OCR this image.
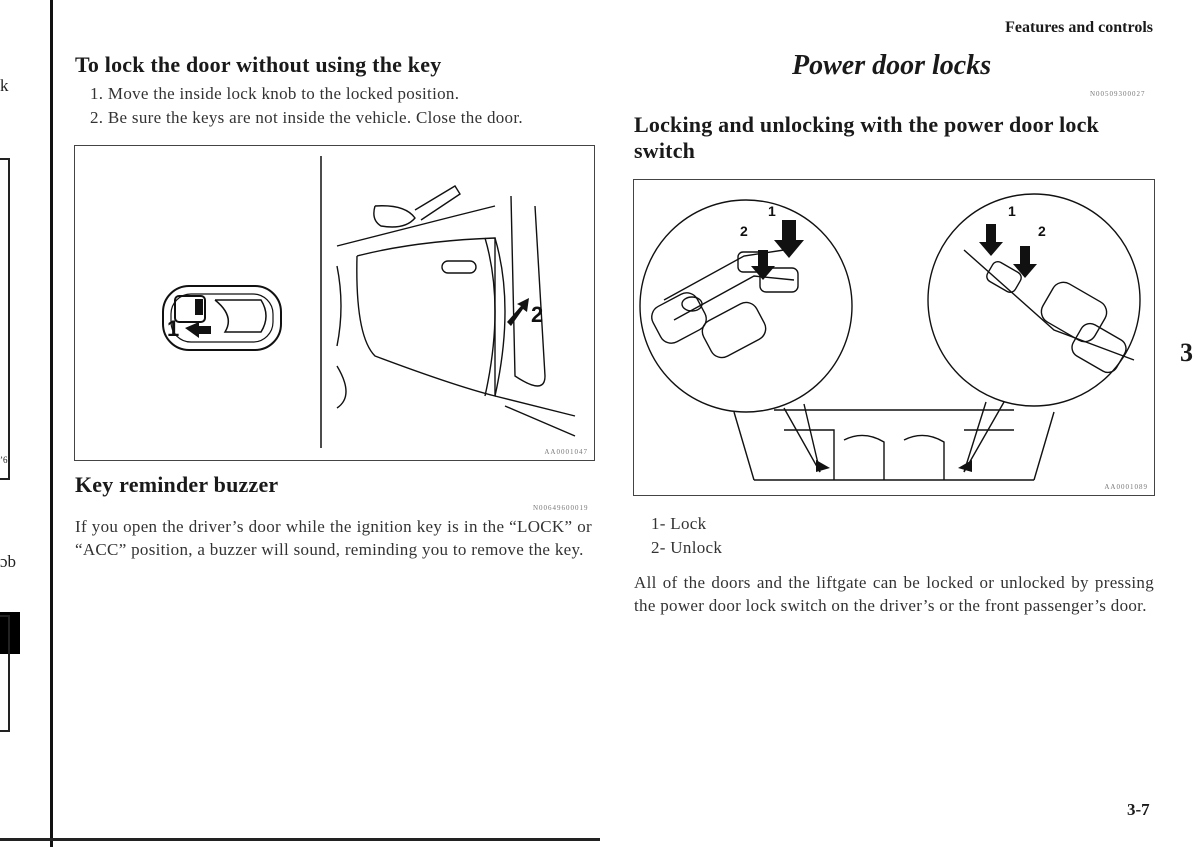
k
’6
ɔb
Features and controls
To lock the door without using the key
1. Move the inside lock knob to the locked position.
2. Be sure the keys are not inside the vehicle. Close the door.
1
2
AA0001047
Key reminder buzzer
N00649600019
If you open the driver’s door while the ignition key is in the “LOCK” or “ACC” position, a buzzer will sound, reminding you to remove the key.
Power door locks
N00509300027
Locking and unlocking with the power door lock switch
1
2
1
2
AA0001089
1- Lock
2- Unlock
All of the doors and the liftgate can be locked or unlocked by pressing the power door lock switch on the driver’s or the front passenger’s door.
3
3-7
